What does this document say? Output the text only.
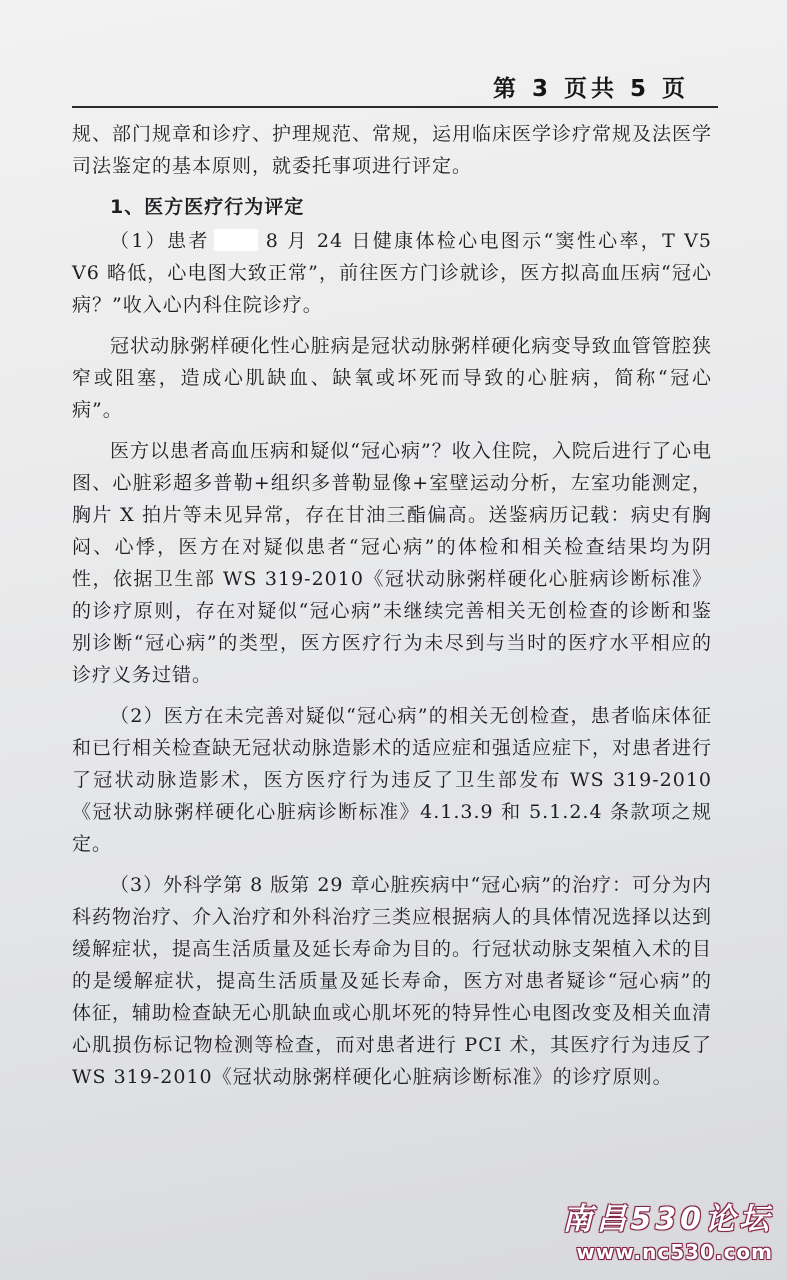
第 3 页共 5 页

规、部门规章和诊疗、护理规范、常规，运用临床医学诊疗常规及法医学司法鉴定的基本原则，就委托事项进行评定。

1、医方医疗行为评定

（1）患者	8 月 24 日健康体检心电图示“窦性心率，T V5 V6 略低，心电图大致正常”，前往医方门诊就诊，医方拟高血压病“冠心病？”收入心内科住院诊疗。

冠状动脉粥样硬化性心脏病是冠状动脉粥样硬化病变导致血管管腔狭窄或阻塞，造成心肌缺血、缺氧或坏死而导致的心脏病，简称“冠心病”。

医方以患者高血压病和疑似“冠心病”？收入住院，入院后进行了心电图、心脏彩超多普勒+组织多普勒显像+室壁运动分析，左室功能测定，胸片 X 拍片等未见异常，存在甘油三酯偏高。送鉴病历记载：病史有胸闷、心悸，医方在对疑似患者“冠心病”的体检和相关检查结果均为阴性，依据卫生部 WS 319-2010《冠状动脉粥样硬化心脏病诊断标准》的诊疗原则，存在对疑似“冠心病”未继续完善相关无创检查的诊断和鉴别诊断“冠心病”的类型，医方医疗行为未尽到与当时的医疗水平相应的诊疗义务过错。

（2）医方在未完善对疑似“冠心病”的相关无创检查，患者临床体征和已行相关检查缺无冠状动脉造影术的适应症和强适应症下，对患者进行了冠状动脉造影术，医方医疗行为违反了卫生部发布 WS 319-2010《冠状动脉粥样硬化心脏病诊断标准》4.1.3.9 和 5.1.2.4 条款项之规定。

（3）外科学第 8 版第 29 章心脏疾病中“冠心病”的治疗：可分为内科药物治疗、介入治疗和外科治疗三类应根据病人的具体情况选择以达到缓解症状，提高生活质量及延长寿命为目的。行冠状动脉支架植入术的目的是缓解症状，提高生活质量及延长寿命，医方对患者疑诊“冠心病”的体征，辅助检查缺无心肌缺血或心肌坏死的特异性心电图改变及相关血清心肌损伤标记物检测等检查，而对患者进行 PCI 术，其医疗行为违反了 WS 319-2010《冠状动脉粥样硬化心脏病诊断标准》的诊疗原则。

南昌530论坛
www.nc530.com
